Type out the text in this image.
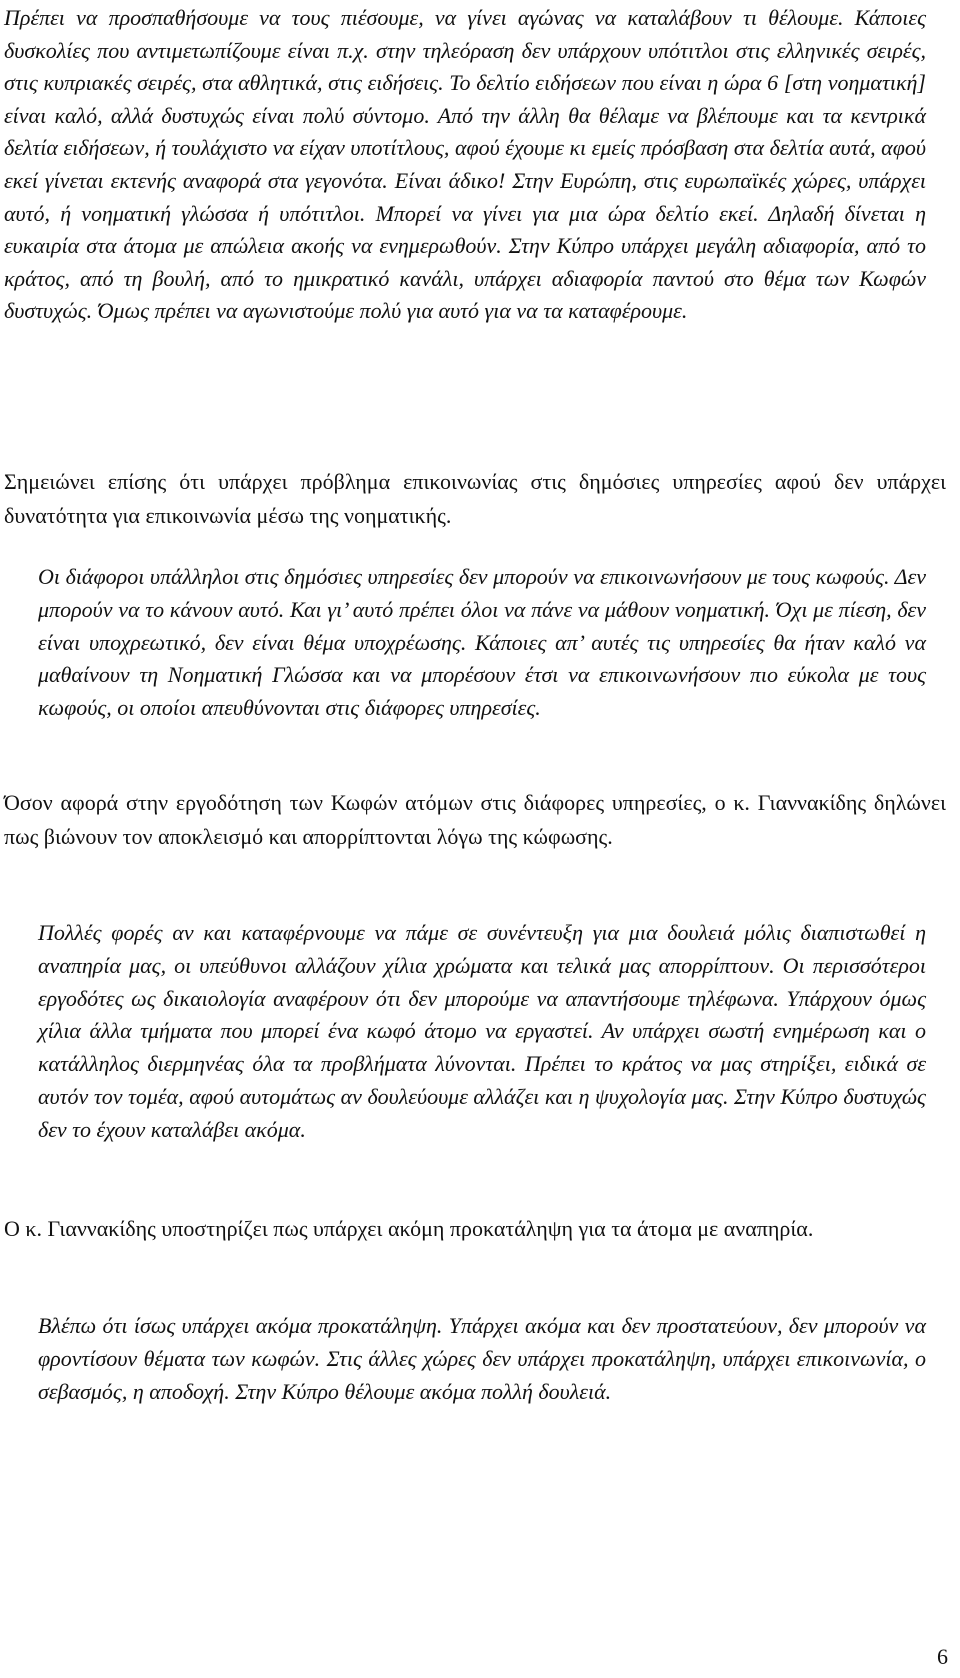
Πρέπει να προσπαθήσουμε να τους πιέσουμε, να γίνει αγώνας να καταλάβουν τι θέλουμε. Κάποιες δυσκολίες που αντιμετωπίζουμε είναι π.χ. στην τηλεόραση δεν υπάρχουν υπότιτλοι στις ελληνικές σειρές, στις κυπριακές σειρές, στα αθλητικά, στις ειδήσεις. Το δελτίο ειδήσεων που είναι η ώρα 6 [στη νοηματική] είναι καλό, αλλά δυστυχώς είναι πολύ σύντομο. Από την άλλη θα θέλαμε να βλέπουμε και τα κεντρικά δελτία ειδήσεων, ή τουλάχιστο να είχαν υποτίτλους, αφού έχουμε κι εμείς πρόσβαση στα δελτία αυτά, αφού εκεί γίνεται εκτενής αναφορά στα γεγονότα. Είναι άδικο! Στην Ευρώπη, στις ευρωπαϊκές χώρες, υπάρχει αυτό, ή νοηματική γλώσσα ή υπότιτλοι. Μπορεί να γίνει για μια ώρα δελτίο εκεί. Δηλαδή δίνεται η ευκαιρία στα άτομα με απώλεια ακοής να ενημερωθούν. Στην Κύπρο υπάρχει μεγάλη αδιαφορία, από το κράτος, από τη βουλή, από το ημικρατικό κανάλι, υπάρχει αδιαφορία παντού στο θέμα των Κωφών δυστυχώς. Όμως πρέπει να αγωνιστούμε πολύ για αυτό για να τα καταφέρουμε.

Σημειώνει επίσης ότι υπάρχει πρόβλημα επικοινωνίας στις δημόσιες υπηρεσίες αφού δεν υπάρχει δυνατότητα για επικοινωνία μέσω της νοηματικής.

Οι διάφοροι υπάλληλοι στις δημόσιες υπηρεσίες δεν μπορούν να επικοινωνήσουν με τους κωφούς. Δεν μπορούν να το κάνουν αυτό. Και γι’ αυτό πρέπει όλοι να πάνε να μάθουν νοηματική. Όχι με πίεση, δεν είναι υποχρεωτικό, δεν είναι θέμα υποχρέωσης. Κάποιες απ’ αυτές τις υπηρεσίες θα ήταν καλό να μαθαίνουν τη Νοηματική Γλώσσα και να μπορέσουν έτσι να επικοινωνήσουν πιο εύκολα με τους κωφούς, οι οποίοι απευθύνονται στις διάφορες υπηρεσίες.

Όσον αφορά στην εργοδότηση των Κωφών ατόμων στις διάφορες υπηρεσίες, ο κ. Γιαννακίδης δηλώνει πως βιώνουν τον αποκλεισμό και απορρίπτονται λόγω της κώφωσης.

Πολλές φορές αν και καταφέρνουμε να πάμε σε συνέντευξη για μια δουλειά μόλις διαπιστωθεί η αναπηρία μας, οι υπεύθυνοι αλλάζουν χίλια χρώματα και τελικά μας απορρίπτουν. Οι περισσότεροι εργοδότες ως δικαιολογία αναφέρουν ότι δεν μπορούμε να απαντήσουμε τηλέφωνα. Υπάρχουν όμως χίλια άλλα τμήματα που μπορεί ένα κωφό άτομο να εργαστεί. Αν υπάρχει σωστή ενημέρωση και ο κατάλληλος διερμηνέας όλα τα προβλήματα λύνονται. Πρέπει το κράτος να μας στηρίξει, ειδικά σε αυτόν τον τομέα, αφού αυτομάτως αν δουλεύουμε αλλάζει και η ψυχολογία μας. Στην Κύπρο δυστυχώς δεν το έχουν καταλάβει ακόμα.

Ο κ. Γιαννακίδης υποστηρίζει πως υπάρχει ακόμη προκατάληψη για τα άτομα με αναπηρία.

Βλέπω ότι ίσως υπάρχει ακόμα προκατάληψη. Υπάρχει ακόμα και δεν προστατεύουν, δεν μπορούν να φροντίσουν θέματα των κωφών. Στις άλλες χώρες δεν υπάρχει προκατάληψη, υπάρχει επικοινωνία, ο σεβασμός, η αποδοχή. Στην Κύπρο θέλουμε ακόμα πολλή δουλειά.

6
